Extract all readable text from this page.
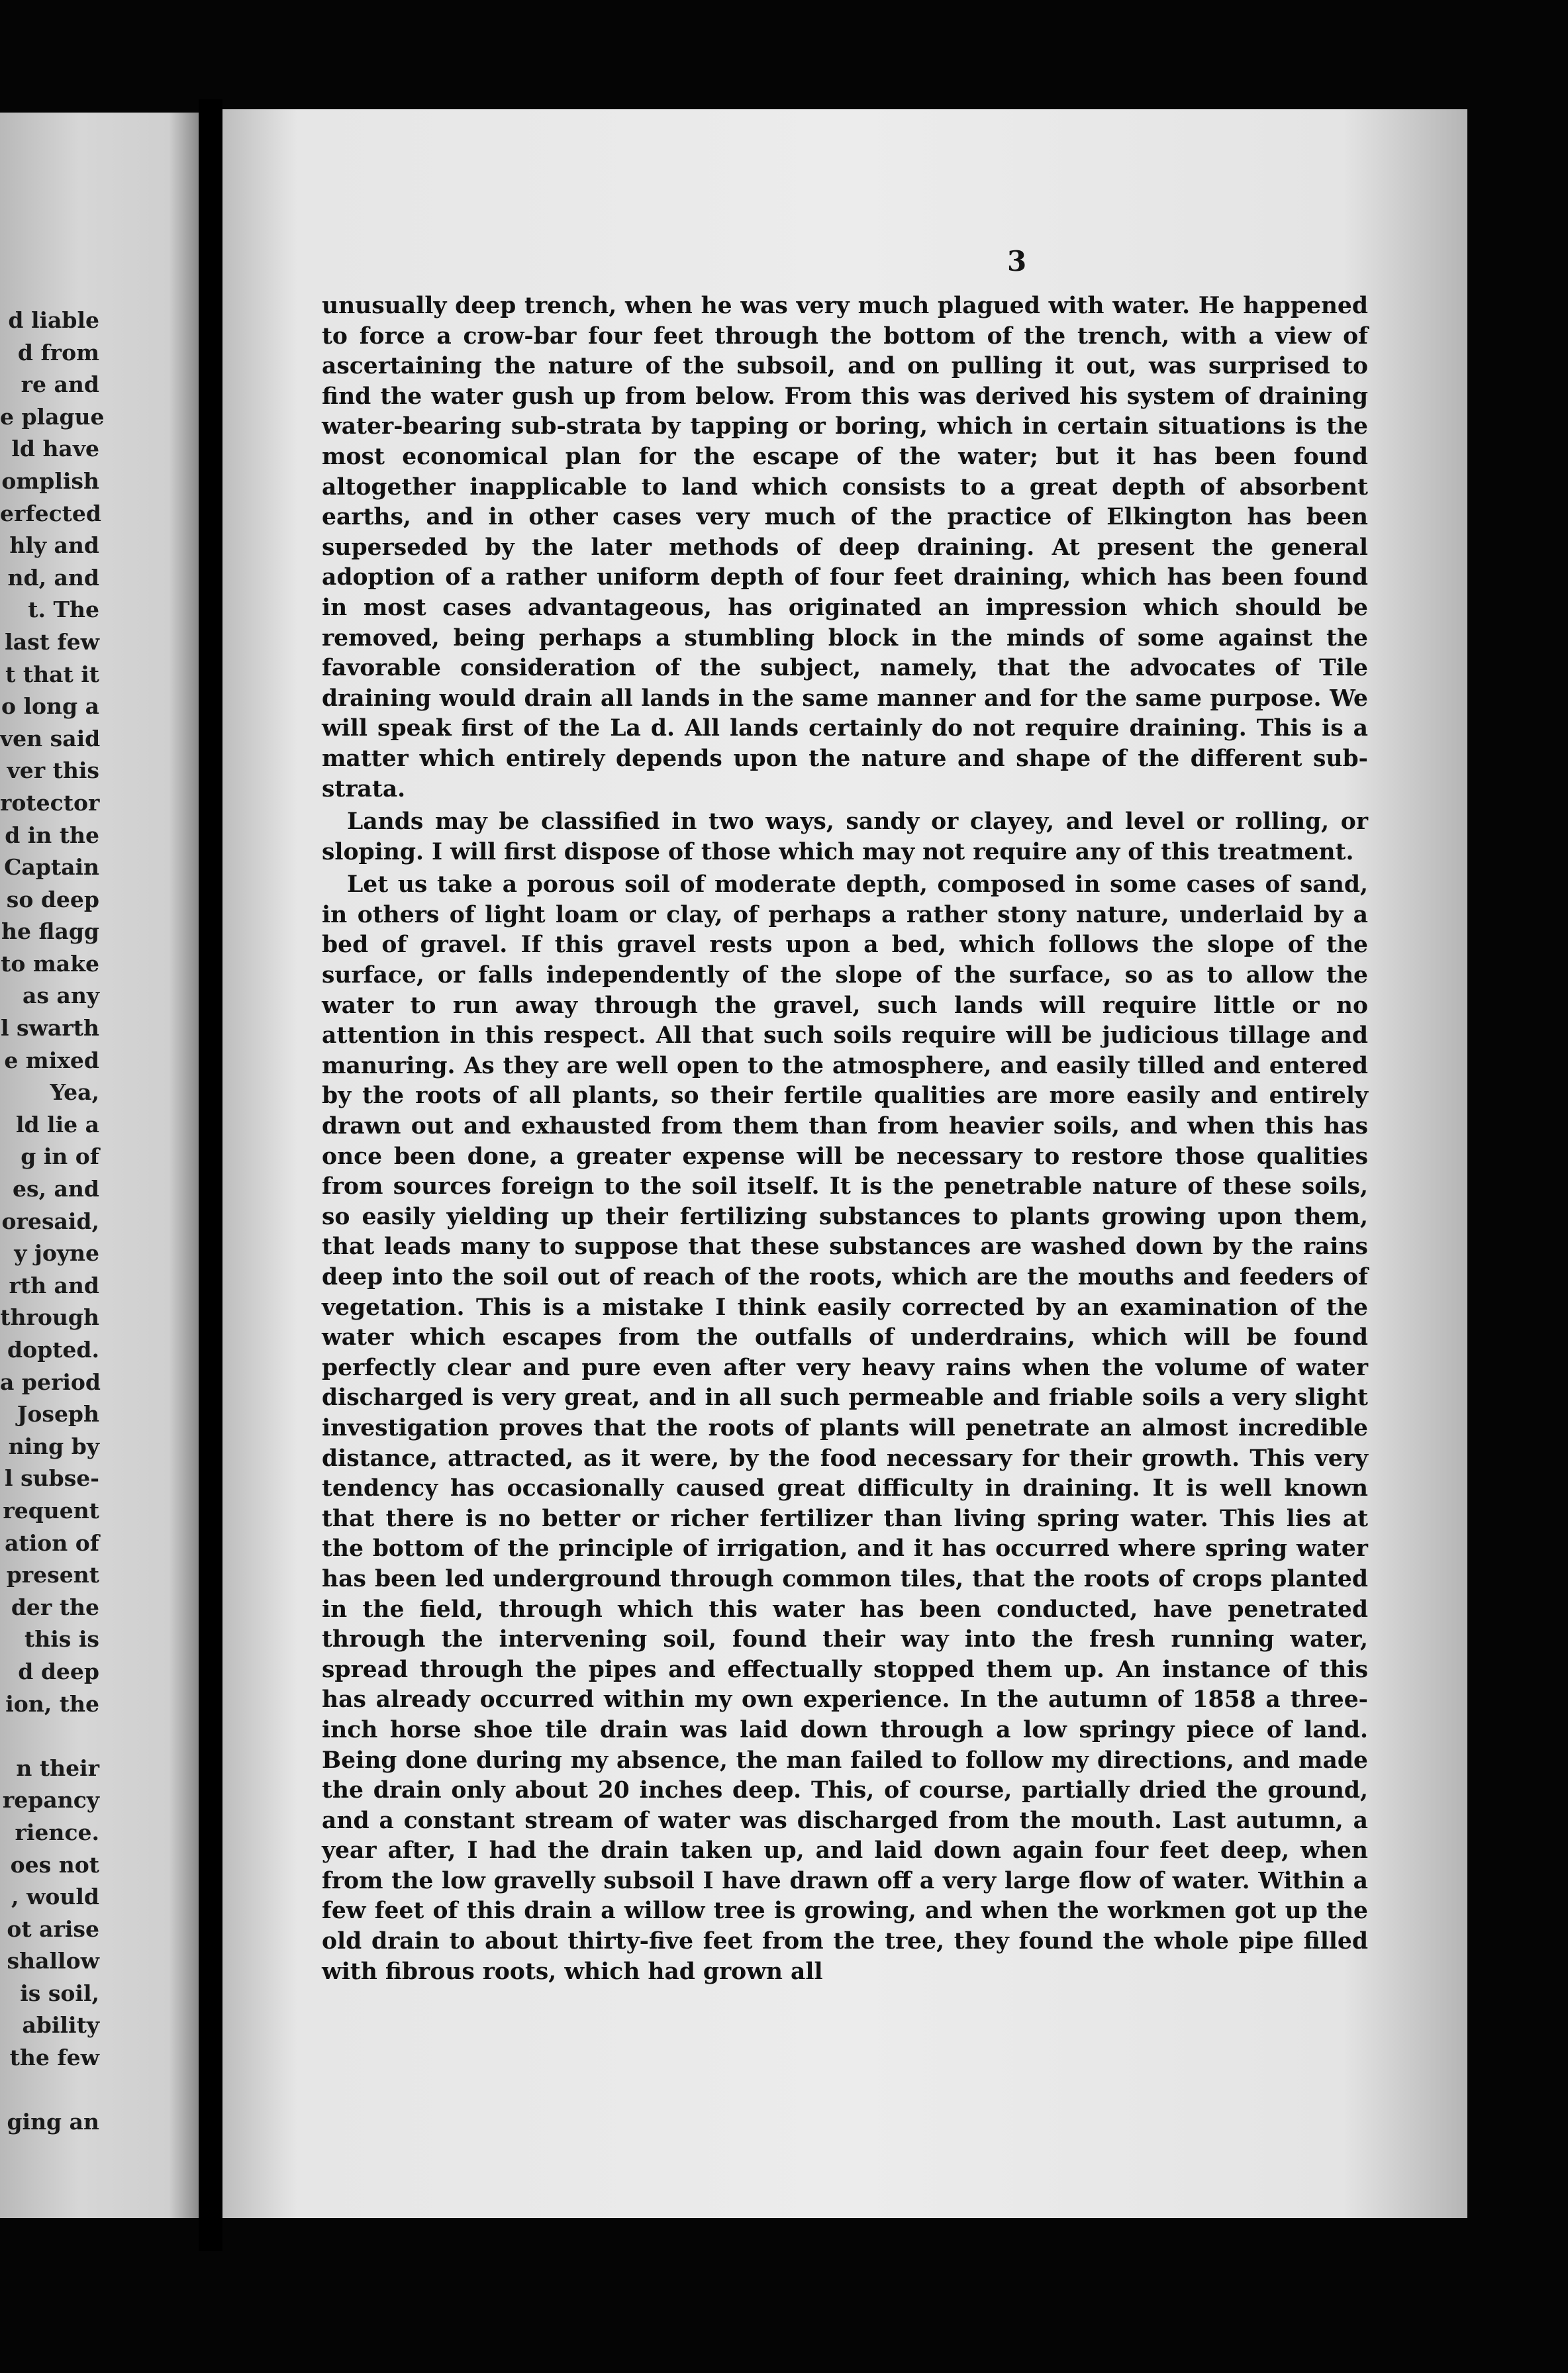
d liable
d from
re and
e plague
ld have
omplish
erfected
hly and
nd, and
t. The
last few
t that it
o long a
ven said
ver this
rotector
d in the
Captain
so deep
he flagg
to make
as any
l swarth
e mixed
Yea,
ld lie a
g in of
es, and
oresaid,
y joyne
rth and
through
dopted.
a period
Joseph
ning by
l subse-
requent
ation of
present
der the
this is
d deep
ion, the
n their
repancy
rience.
oes not
, would
ot arise
shallow
is soil,
ability
the few
ging an
3

unusually deep trench, when he was very much plagued with water. He happened to force a crow-bar four feet through the bottom of the trench, with a view of ascertaining the nature of the subsoil, and on pulling it out, was surprised to find the water gush up from below. From this was derived his system of draining water-bearing sub-strata by tapping or boring, which in certain situations is the most economical plan for the escape of the water; but it has been found altogether inapplicable to land which consists to a great depth of absorbent earths, and in other cases very much of the practice of Elkington has been superseded by the later methods of deep draining. At present the general adoption of a rather uniform depth of four feet draining, which has been found in most cases advantageous, has originated an impression which should be removed, being perhaps a stumbling block in the minds of some against the favorable consideration of the subject, namely, that the advocates of Tile draining would drain all lands in the same manner and for the same purpose. We will speak first of the La d. All lands certainly do not require draining. This is a matter which entirely depends upon the nature and shape of the different sub-strata.

Lands may be classified in two ways, sandy or clayey, and level or rolling, or sloping. I will first dispose of those which may not require any of this treatment.

Let us take a porous soil of moderate depth, composed in some cases of sand, in others of light loam or clay, of perhaps a rather stony nature, underlaid by a bed of gravel. If this gravel rests upon a bed, which follows the slope of the surface, or falls independently of the slope of the surface, so as to allow the water to run away through the gravel, such lands will require little or no attention in this respect. All that such soils require will be judicious tillage and manuring. As they are well open to the atmosphere, and easily tilled and entered by the roots of all plants, so their fertile qualities are more easily and entirely drawn out and exhausted from them than from heavier soils, and when this has once been done, a greater expense will be necessary to restore those qualities from sources foreign to the soil itself. It is the penetrable nature of these soils, so easily yielding up their fertilizing substances to plants growing upon them, that leads many to suppose that these substances are washed down by the rains deep into the soil out of reach of the roots, which are the mouths and feeders of vegetation. This is a mistake I think easily corrected by an examination of the water which escapes from the outfalls of underdrains, which will be found perfectly clear and pure even after very heavy rains when the volume of water discharged is very great, and in all such permeable and friable soils a very slight investigation proves that the roots of plants will penetrate an almost incredible distance, attracted, as it were, by the food necessary for their growth. This very tendency has occasionally caused great difficulty in draining. It is well known that there is no better or richer fertilizer than living spring water. This lies at the bottom of the principle of irrigation, and it has occurred where spring water has been led underground through common tiles, that the roots of crops planted in the field, through which this water has been conducted, have penetrated through the intervening soil, found their way into the fresh running water, spread through the pipes and effectually stopped them up. An instance of this has already occurred within my own experience. In the autumn of 1858 a three-inch horse shoe tile drain was laid down through a low springy piece of land. Being done during my absence, the man failed to follow my directions, and made the drain only about 20 inches deep. This, of course, partially dried the ground, and a constant stream of water was discharged from the mouth. Last autumn, a year after, I had the drain taken up, and laid down again four feet deep, when from the low gravelly subsoil I have drawn off a very large flow of water. Within a few feet of this drain a willow tree is growing, and when the workmen got up the old drain to about thirty-five feet from the tree, they found the whole pipe filled with fibrous roots, which had grown all
